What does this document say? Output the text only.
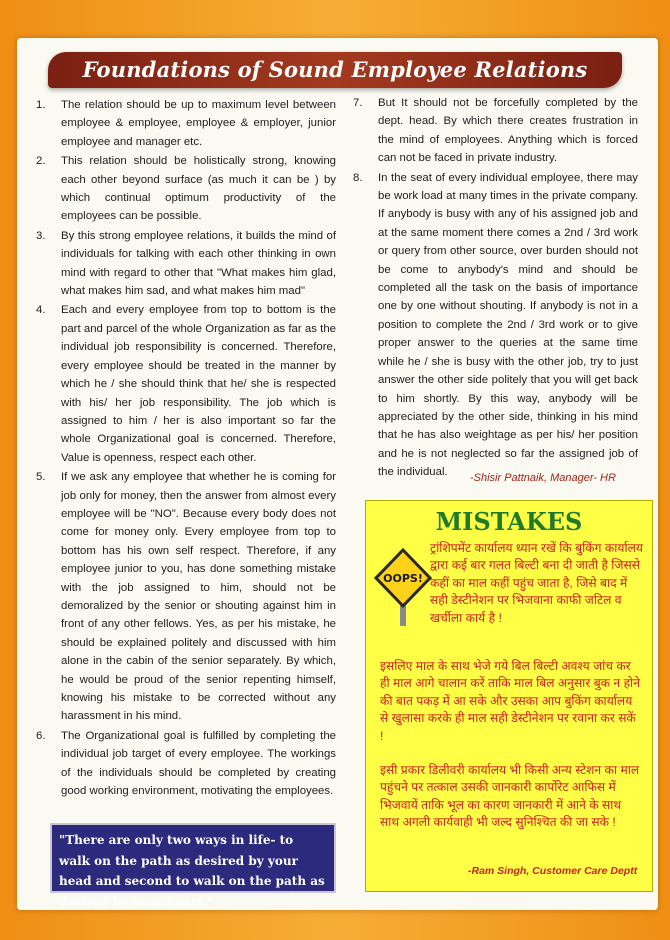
Foundations of Sound Employee Relations
1. The relation should be up to maximum level between employee & employee, employee & employer, junior employee and manager etc.
2. This relation should be holistically strong, knowing each other beyond surface (as much it can be ) by which continual optimum productivity of the employees can be possible.
3. By this strong employee relations, it builds the mind of individuals for talking with each other thinking in own mind with regard to other that "What makes him glad, what makes him sad, and what makes him mad"
4. Each and every employee from top to bottom is the part and parcel of the whole Organization as far as the individual job responsibility is concerned. Therefore, every employee should be treated in the manner by which he / she should think that he/ she is respected with his/ her job responsibility. The job which is assigned to him / her is also important so far the whole Organizational goal is concerned. Therefore, Value is openness, respect each other.
5. If we ask any employee that whether he is coming for job only for money, then the answer from almost every employee will be "NO". Because every body does not come for money only. Every employee from top to bottom has his own self respect. Therefore, if any employee junior to you, has done something mistake with the job assigned to him, should not be demoralized by the senior or shouting against him in front of any other fellows. Yes, as per his mistake, he should be explained politely and discussed with him alone in the cabin of the senior separately. By which, he would be proud of the senior repenting himself, knowing his mistake to be corrected without any harassment in his mind.
6. The Organizational goal is fulfilled by completing the individual job target of every employee. The workings of the individuals should be completed by creating good working environment, motivating the employees.
7. But It should not be forcefully completed by the dept. head. By which there creates frustration in the mind of employees. Anything which is forced can not be faced in private industry.
8. In the seat of every individual employee, there may be work load at many times in the private company. If anybody is busy with any of his assigned job and at the same moment there comes a 2nd / 3rd work or query from other source, over burden should not be come to anybody's mind and should be completed all the task on the basis of importance one by one without shouting. If anybody is not in a position to complete the 2nd / 3rd work or to give proper answer to the queries at the same time while he / she is busy with the other job, try to just answer the other side politely that you will get back to him shortly. By this way, anybody will be appreciated by the other side, thinking in his mind that he has also weightage as per his/ her position and he is not neglected so far the assigned job of the individual.	-Shisir Pattnaik, Manager- HR
"There are only two ways in life- to walk on the path as desired by your head and second to walk on the path as desired by your heart."
MISTAKES
OOPS!
ट्रांशिपमेंट कार्यालय ध्यान रखें कि बुकिंग कार्यालय द्वारा कई बार गलत बिल्टी बना दी जाती है जिससे कहीं का माल कहीं पहुंच जाता है, जिसे बाद में सही डेस्टीनेशन पर भिजवाना काफी जटिल व खर्चीला कार्य है !
इसलिए माल के साथ भेजे गये बिल बिल्टी अवश्य जांच कर ही माल आगे चालान करें ताकि माल बिल अनुसार बुक न होने की बात पकड़ में आ सके और उसका आप बुकिंग कार्यालय से खुलासा करके ही माल सही डेस्टीनेशन पर रवाना कर सकें !
इसी प्रकार डिलीवरी कार्यालय भी किसी अन्य स्टेशन का माल पहुंचने पर तत्काल उसकी जानकारी कार्पोरेट आफिस में भिजवायें ताकि भूल का कारण जानकारी में आने के साथ साथ अगली कार्यवाही भी जल्द सुनिश्चित की जा सके !
-Ram Singh, Customer Care Deptt
